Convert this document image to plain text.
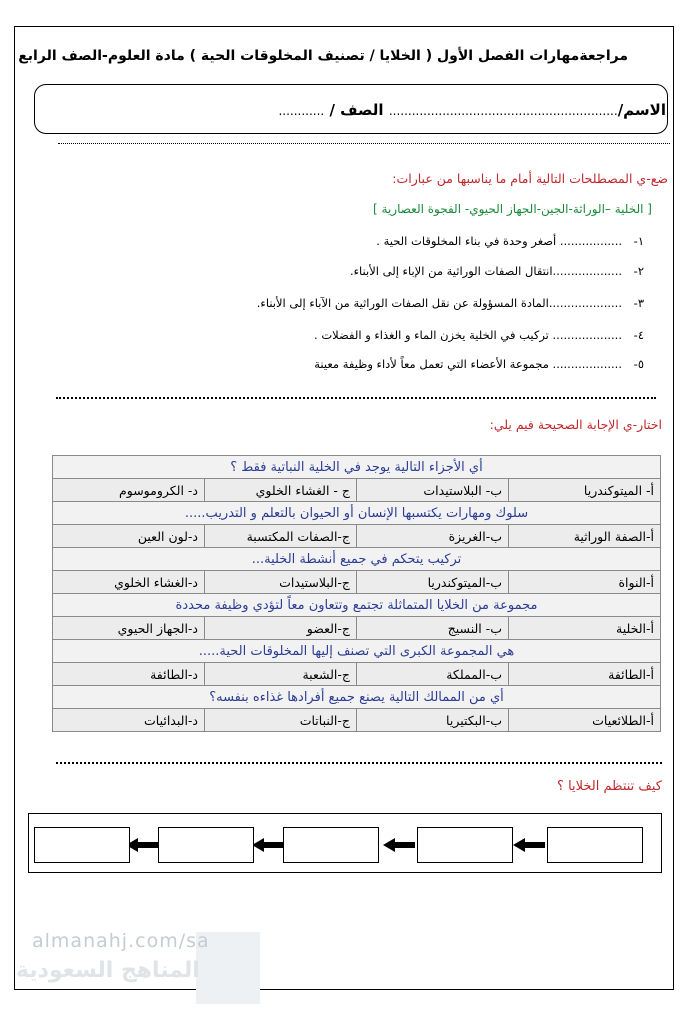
مراجعةمهارات الفصل الأول ( الخلايا / تصنيف المخلوقات الحية ) مادة العلوم-الصف الرابع
الاسم/............................................................ الصف / ............
ضع-ي المصطلحات التالية أمام ما يناسبها من عبارات:
[ الخلية –الوراثة-الجين-الجهاز الحيوي- الفجوة العصارية ]
١-................. أصغر وحدة في بناء المخلوقات الحية .
٢-...................انتقال الصفات الوراثية من الإباء إلى الأبناء.
٣-....................المادة المسؤولة عن نقل الصفات الوراثية من الآباء إلى الأبناء.
٤-................... تركيب في الخلية يخزن الماء و الغذاء و الفضلات .
٥-................... مجموعة الأعضاء التي تعمل معاً لأداء وظيفة معينة
اختار-ي الإجابة الصحيحة فيم يلي:
أي الأجزاء التالية يوجد في الخلية النباتية فقط ؟			
أ- الميتوكندريا	ب- البلاستيدات	ج - الغشاء الخلوي	د- الكروموسوم
سلوك ومهارات يكتسبها الإنسان أو الحيوان بالتعلم و التدريب.....			
أ-الصفة الوراثية	ب-الغريزة	ج-الصفات المكتسبة	د-لون العين
تركيب يتحكم في جميع أنشطة الخلية...			
أ-النواة	ب-الميتوكندريا	ج-البلاستيدات	د-الغشاء الخلوي
مجموعة من الخلايا المتماثلة تجتمع وتتعاون معاً لتؤدي وظيفة محددة			
أ-الخلية	ب- النسيج	ج-العضو	د-الجهاز الحيوي
هي المجموعة الكبرى التي تصنف إليها المخلوقات الحية.....			
أ-الطائفة	ب-المملكة	ج-الشعبة	د-الطائفة
أي من الممالك التالية يصنع جميع أفرادها غذاءه بنفسه؟			
أ-الطلائعيات	ب-البكتيريا	ج-النباتات	د-البدائيات
كيف تنتظم الخلايا ؟
almanahj.com/sa
المناهج السعودية
